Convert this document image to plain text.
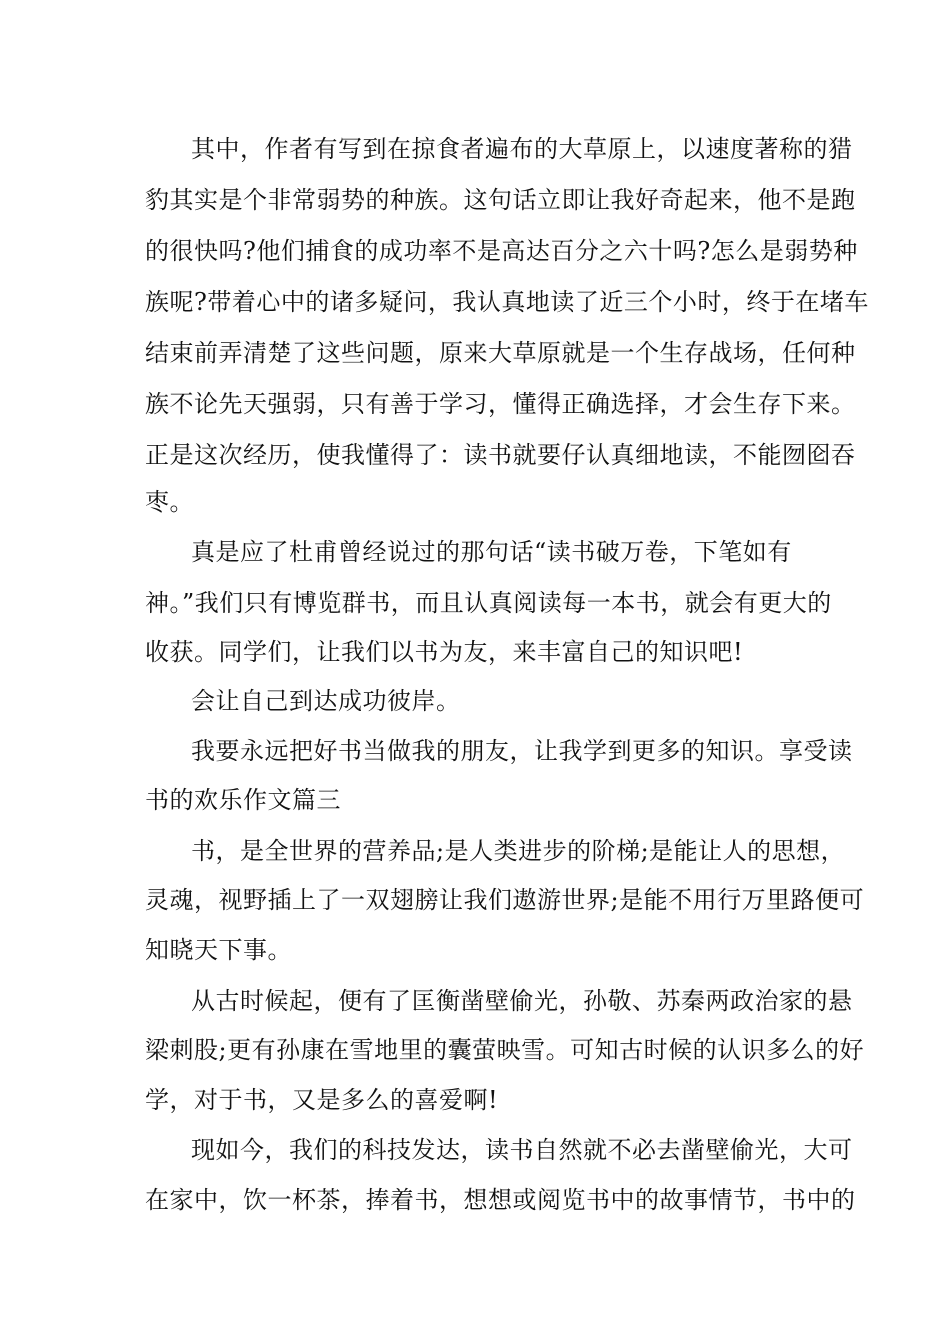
其中，作者有写到在掠食者遍布的大草原上，以速度著称的猎

豹其实是个非常弱势的种族。这句话立即让我好奇起来，他不是跑

的很快吗?他们捕食的成功率不是高达百分之六十吗?怎么是弱势种

族呢?带着心中的诸多疑问，我认真地读了近三个小时，终于在堵车

结束前弄清楚了这些问题，原来大草原就是一个生存战场，任何种

族不论先天强弱，只有善于学习，懂得正确选择，才会生存下来。

正是这次经历，使我懂得了：读书就要仔认真细地读，不能囫囵吞

枣。

真是应了杜甫曾经说过的那句话“读书破万卷，下笔如有

神。”我们只有博览群书，而且认真阅读每一本书，就会有更大的

收获。同学们，让我们以书为友，来丰富自己的知识吧!

会让自己到达成功彼岸。

我要永远把好书当做我的朋友，让我学到更多的知识。享受读

书的欢乐作文篇三

书，是全世界的营养品;是人类进步的阶梯;是能让人的思想，

灵魂，视野插上了一双翅膀让我们遨游世界;是能不用行万里路便可

知晓天下事。

从古时候起，便有了匡衡凿壁偷光，孙敬、苏秦两政治家的悬

梁刺股;更有孙康在雪地里的囊萤映雪。可知古时候的认识多么的好

学，对于书，又是多么的喜爱啊!

现如今，我们的科技发达，读书自然就不必去凿壁偷光，大可

在家中，饮一杯茶，捧着书，想想或阅览书中的故事情节，书中的
